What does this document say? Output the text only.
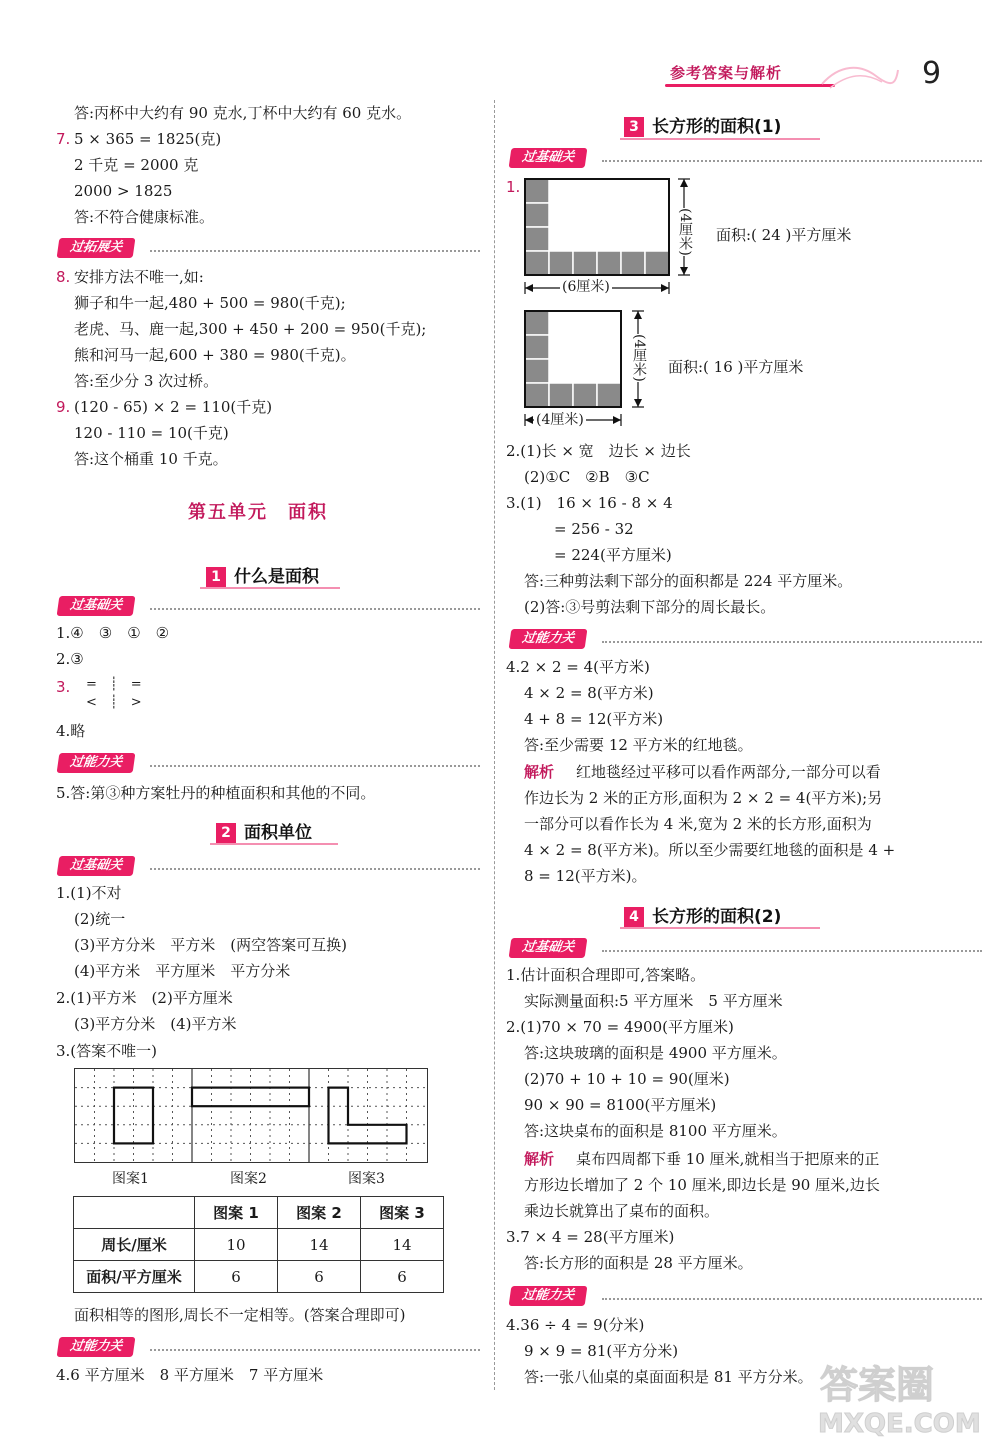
参考答案与解析	9
答:丙杯中大约有 90 克水,丁杯中大约有 60 克水。
7. 5 × 365 = 1825(克)
2 千克 = 2000 克
2000 > 1825
答:不符合健康标准。
过拓展关
8. 安排方法不唯一,如:
狮子和牛一起,480 + 500 = 980(千克);
老虎、马、鹿一起,300 + 450 + 200 = 950(千克);
熊和河马一起,600 + 380 = 980(千克)。
答:至少分 3 次过桥。
9. (120 - 65) × 2 = 110(千克)
120 - 110 = 10(千克)
答:这个桶重 10 千克。
第五单元　面积
1 什么是面积
过基础关
1.④　③　①　②
2.③
3. =　┊　=
<　┊　>
4.略
过能力关
5.答:第③种方案牡丹的种植面积和其他的不同。
2 面积单位
过基础关
1.(1)不对
(2)统一
(3)平方分米　平方米　(两空答案可互换)
(4)平方米　平方厘米　平方分米
2.(1)平方米　(2)平方厘米
(3)平方分米　(4)平方米
3.(答案不唯一)
图案1	图案2	图案3
	图案 1	图案 2	图案 3
周长/厘米	10	14	14
面积/平方厘米	6	6	6
面积相等的图形,周长不一定相等。(答案合理即可)
过能力关
4.6 平方厘米　8 平方厘米　7 平方厘米
3 长方形的面积(1)
过基础关
1.
(6厘米)
(4厘米) 面积:( 24 )平方厘米
(4厘米)
(4厘米) 面积:( 16 )平方厘米
2.(1)长 × 宽　边长 × 边长
(2)①C　②B　③C
3.(1)　16 × 16 - 8 × 4
= 256 - 32
= 224(平方厘米)
答:三种剪法剩下部分的面积都是 224 平方厘米。
(2)答:③号剪法剩下部分的周长最长。
过能力关
4.2 × 2 = 4(平方米)
4 × 2 = 8(平方米)
4 + 8 = 12(平方米)
答:至少需要 12 平方米的红地毯。
解析 红地毯经过平移可以看作两部分,一部分可以看
作边长为 2 米的正方形,面积为 2 × 2 = 4(平方米);另
一部分可以看作长为 4 米,宽为 2 米的长方形,面积为
4 × 2 = 8(平方米)。所以至少需要红地毯的面积是 4 +
8 = 12(平方米)。
4 长方形的面积(2)
过基础关
1.估计面积合理即可,答案略。
实际测量面积:5 平方厘米　5 平方厘米
2.(1)70 × 70 = 4900(平方厘米)
答:这块玻璃的面积是 4900 平方厘米。
(2)70 + 10 + 10 = 90(厘米)
90 × 90 = 8100(平方厘米)
答:这块桌布的面积是 8100 平方厘米。
解析 桌布四周都下垂 10 厘米,就相当于把原来的正
方形边长增加了 2 个 10 厘米,即边长是 90 厘米,边长
乘边长就算出了桌布的面积。
3.7 × 4 = 28(平方厘米)
答:长方形的面积是 28 平方厘米。
过能力关
4.36 ÷ 4 = 9(分米)
9 × 9 = 81(平方分米)
答:一张八仙桌的桌面面积是 81 平方分米。 答案圈
MXQE.COM
